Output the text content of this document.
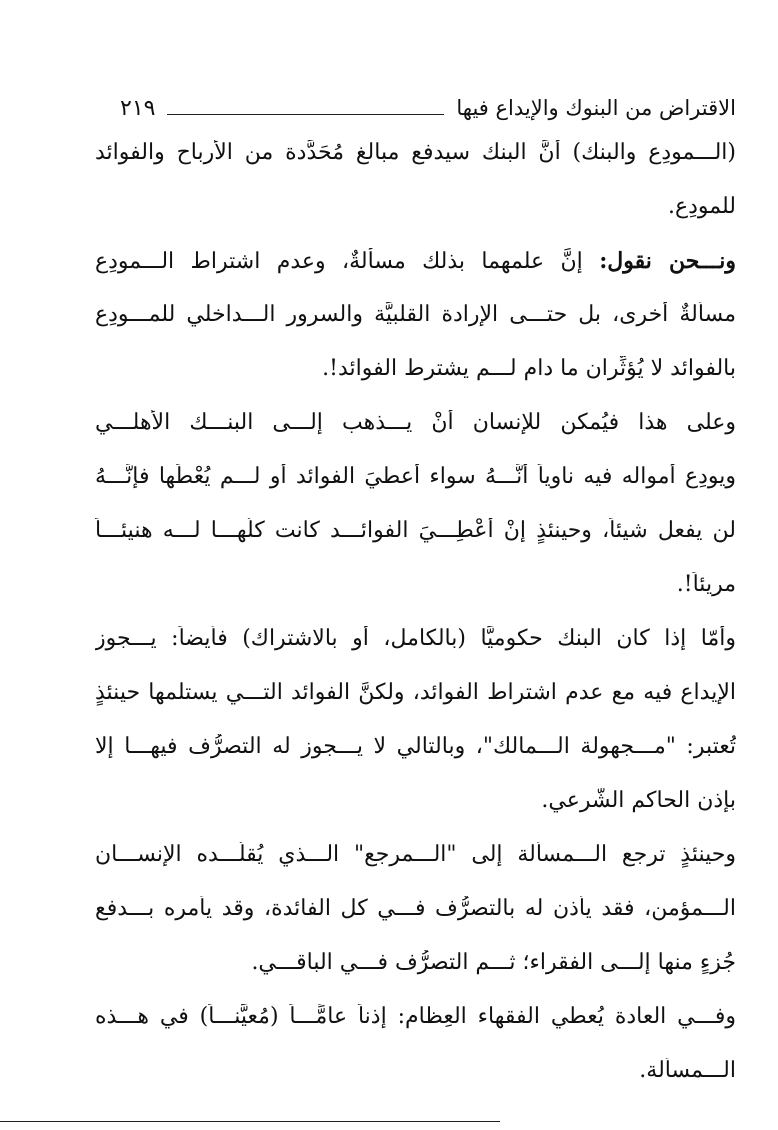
الاقتراض من البنوك والإيداع فيها
٢١٩
(الـــمودِع والبنك) أنَّ البنك سيدفع مبالغ مُحَدَّدة من الأرباح والفوائد
للمودِع.
ونـــحن نقول: إنَّ علمهما بذلك مسألةٌ، وعدم اشتراط الـــمودِع
مسألةٌ أخرى، بل حتـــى الإرادة القلبيَّة والسرور الـــداخلي للمـــودِع
بالفوائد لا يُؤثِّران ما دام لـــم يشترط الفوائد!.
وعلى هذا فيُمكن للإنسان أنْ يـــذهب إلـــى البنـــك الأهلـــي
ويودِع أمواله فيه ناوياً أنَّـــهُ سواء أُعطيَ الفوائد أو لـــم يُعْطَها فإنَّـــهُ
لن يفعل شيئاً، وحينئذٍ إنْ أُعْطِـــيَ الفوائـــد كانت كلّهـــا لـــه هنيئـــاً
مريئاً!.
وأمّا إذا كان البنك حكوميًّا (بالكامل، أو بالاشتراك) فأيضاً: يـــجوز
الإيداع فيه مع عدم اشتراط الفوائد، ولكنَّ الفوائد التـــي يستلمها حينئذٍ
تُعتبر: "مـــجهولة الـــمالك"، وبالتالي لا يـــجوز له التصرُّف فيهـــا إلا
بإذن الحاكم الشَّرعي.
وحينئذٍ ترجع الـــمسألة إلى "الـــمرجع" الـــذي يُقلّـــده الإنســـان
الـــمؤمن، فقد يأذن له بالتصرُّف فـــي كل الفائدة، وقد يأمره بـــدفع
جُزءٍ منها إلـــى الفقراء؛ ثـــم التصرُّف فـــي الباقـــي.
وفـــي العادة يُعطي الفقهاء العِظام: إذناً عامًّـــاً (مُعيَّنـــاً) في هـــذه
الـــمسألة.
